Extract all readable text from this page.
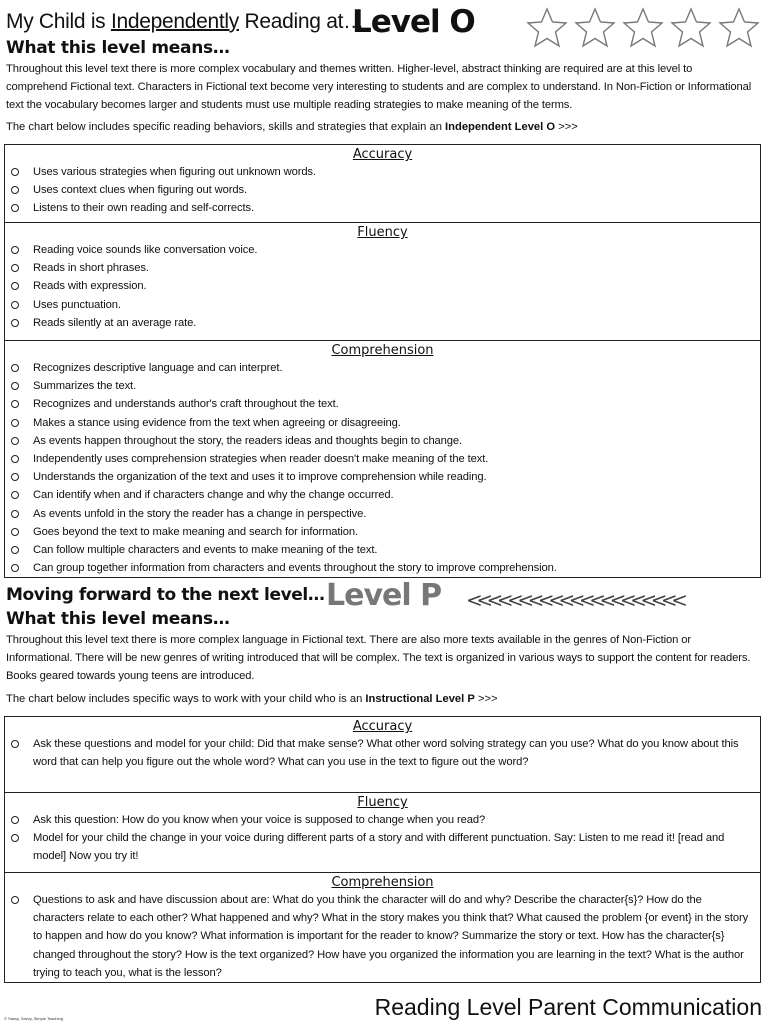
My Child is Independently Reading at…
Level O
What this level means…
Throughout this level text there is more complex vocabulary and themes written. Higher-level, abstract thinking are required are at this level to comprehend Fictional text. Characters in Fictional text become very interesting to students and are complex to understand. In Non-Fiction or Informational text the vocabulary becomes larger and students must use multiple reading strategies to make meaning of the terms.
The chart below includes specific reading behaviors, skills and strategies that explain an Independent Level O >>>
Accuracy
Uses various strategies when figuring out unknown words.
Uses context clues when figuring out words.
Listens to their own reading and self-corrects.
Fluency
Reading voice sounds like conversation voice.
Reads in short phrases.
Reads with expression.
Uses punctuation.
Reads silently at an average rate.
Comprehension
Recognizes descriptive language and can interpret.
Summarizes the text.
Recognizes and understands author's craft throughout the text.
Makes a stance using evidence from the text when agreeing or disagreeing.
As events happen throughout the story, the readers ideas and thoughts begin to change.
Independently uses comprehension strategies when reader doesn't make meaning of the text.
Understands the organization of the text and uses it to improve comprehension while reading.
Can identify when and if characters change and why the change occurred.
As events unfold in the story the reader has a change in perspective.
Goes beyond the text to make meaning and search for information.
Can follow multiple characters and events to make meaning of the text.
Can group together information from characters and events throughout the story to improve comprehension.
Moving forward to the next level… Level P <<<<<<<<<<<<<<<<<<<<<
What this level means…
Throughout this level text there is more complex language in Fictional text. There are also more texts available in the genres of Non-Fiction or Informational. There will be new genres of writing introduced that will be complex. The text is organized in various ways to support the content for readers. Books geared towards young teens are introduced.
The chart below includes specific ways to work with your child who is an Instructional Level P >>>
Accuracy
Ask these questions and model for your child: Did that make sense? What other word solving strategy can you use? What do you know about this word that can help you figure out the whole word? What can you use in the text to figure out the word?
Fluency
Ask this question: How do you know when your voice is supposed to change when you read?
Model for your child the change in your voice during different parts of a story and with different punctuation. Say: Listen to me read it! [read and model] Now you try it!
Comprehension
Questions to ask and have discussion about are: What do you think the character will do and why? Describe the character{s}? How do the characters relate to each other? What happened and why? What in the story makes you think that? What caused the problem {or event} in the story to happen and how do you know? What information is important for the reader to know? Summarize the story or text. How has the character{s} changed throughout the story? How is the text organized? How have you organized the information you are learning in the text? What is the author trying to teach you, what is the lesson?
Reading Level Parent Communication
© Sassy, Savvy, Simple Teaching
